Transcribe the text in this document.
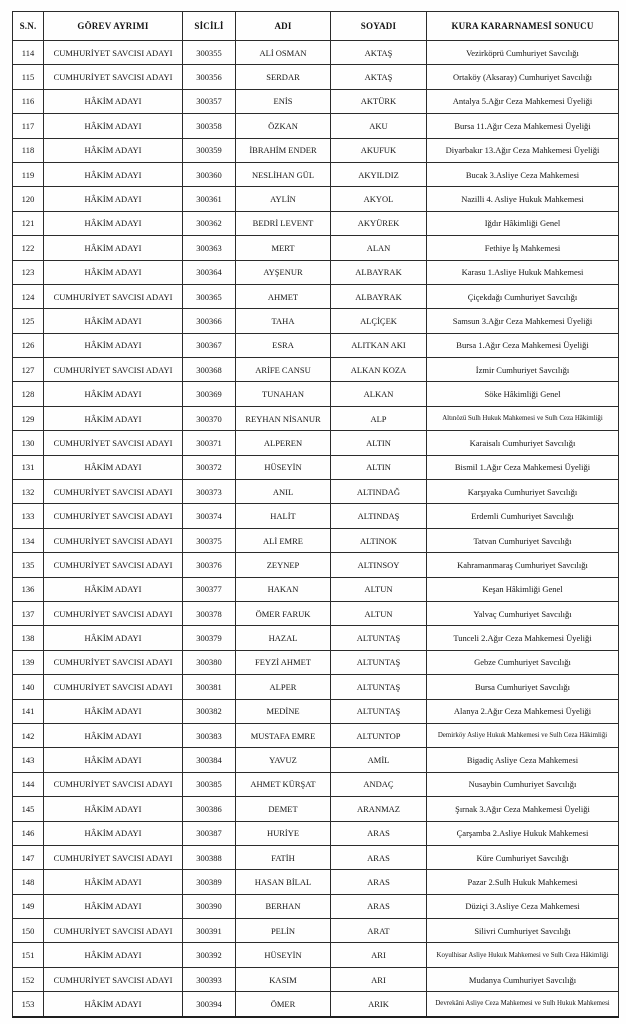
S.N.	GÖREV AYRIMI	SİCİLİ	ADI	SOYADI	KURA KARARNAMESİ SONUCU
114	CUMHURİYET SAVCISI ADAYI	300355	ALİ OSMAN	AKTAŞ	Vezirköprü Cumhuriyet Savcılığı
115	CUMHURİYET SAVCISI ADAYI	300356	SERDAR	AKTAŞ	Ortaköy (Aksaray) Cumhuriyet Savcılığı
116	HÂKİM ADAYI	300357	ENİS	AKTÜRK	Antalya 5.Ağır Ceza Mahkemesi Üyeliği
117	HÂKİM ADAYI	300358	ÖZKAN	AKU	Bursa 11.Ağır Ceza Mahkemesi Üyeliği
118	HÂKİM ADAYI	300359	İBRAHİM ENDER	AKUFUK	Diyarbakır 13.Ağır Ceza Mahkemesi Üyeliği
119	HÂKİM ADAYI	300360	NESLİHAN GÜL	AKYILDIZ	Bucak 3.Asliye Ceza Mahkemesi
120	HÂKİM ADAYI	300361	AYLİN	AKYOL	Nazilli 4. Asliye Hukuk Mahkemesi
121	HÂKİM ADAYI	300362	BEDRİ LEVENT	AKYÜREK	Iğdır Hâkimliği Genel
122	HÂKİM ADAYI	300363	MERT	ALAN	Fethiye İş Mahkemesi
123	HÂKİM ADAYI	300364	AYŞENUR	ALBAYRAK	Karasu 1.Asliye Hukuk Mahkemesi
124	CUMHURİYET SAVCISI ADAYI	300365	AHMET	ALBAYRAK	Çiçekdağı Cumhuriyet Savcılığı
125	HÂKİM ADAYI	300366	TAHA	ALÇİÇEK	Samsun 3.Ağır Ceza Mahkemesi Üyeliği
126	HÂKİM ADAYI	300367	ESRA	ALITKAN AKI	Bursa 1.Ağır Ceza Mahkemesi Üyeliği
127	CUMHURİYET SAVCISI ADAYI	300368	ARİFE CANSU	ALKAN KOZA	İzmir Cumhuriyet Savcılığı
128	HÂKİM ADAYI	300369	TUNAHAN	ALKAN	Söke Hâkimliği Genel
129	HÂKİM ADAYI	300370	REYHAN NİSANUR	ALP	Altınözü Sulh Hukuk Mahkemesi ve Sulh Ceza Hâkimliği
130	CUMHURİYET SAVCISI ADAYI	300371	ALPEREN	ALTIN	Karaisalı Cumhuriyet Savcılığı
131	HÂKİM ADAYI	300372	HÜSEYİN	ALTIN	Bismil 1.Ağır Ceza Mahkemesi Üyeliği
132	CUMHURİYET SAVCISI ADAYI	300373	ANIL	ALTINDAĞ	Karşıyaka Cumhuriyet Savcılığı
133	CUMHURİYET SAVCISI ADAYI	300374	HALİT	ALTINDAŞ	Erdemli Cumhuriyet Savcılığı
134	CUMHURİYET SAVCISI ADAYI	300375	ALİ EMRE	ALTINOK	Tatvan Cumhuriyet Savcılığı
135	CUMHURİYET SAVCISI ADAYI	300376	ZEYNEP	ALTINSOY	Kahramanmaraş Cumhuriyet Savcılığı
136	HÂKİM ADAYI	300377	HAKAN	ALTUN	Keşan Hâkimliği Genel
137	CUMHURİYET SAVCISI ADAYI	300378	ÖMER FARUK	ALTUN	Yalvaç Cumhuriyet Savcılığı
138	HÂKİM ADAYI	300379	HAZAL	ALTUNTAŞ	Tunceli 2.Ağır Ceza Mahkemesi Üyeliği
139	CUMHURİYET SAVCISI ADAYI	300380	FEYZİ AHMET	ALTUNTAŞ	Gebze Cumhuriyet Savcılığı
140	CUMHURİYET SAVCISI ADAYI	300381	ALPER	ALTUNTAŞ	Bursa Cumhuriyet Savcılığı
141	HÂKİM ADAYI	300382	MEDİNE	ALTUNTAŞ	Alanya 2.Ağır Ceza Mahkemesi Üyeliği
142	HÂKİM ADAYI	300383	MUSTAFA EMRE	ALTUNTOP	Demirköy Asliye Hukuk Mahkemesi ve Sulh Ceza Hâkimliği
143	HÂKİM ADAYI	300384	YAVUZ	AMİL	Bigadiç Asliye Ceza Mahkemesi
144	CUMHURİYET SAVCISI ADAYI	300385	AHMET KÜRŞAT	ANDAÇ	Nusaybin Cumhuriyet Savcılığı
145	HÂKİM ADAYI	300386	DEMET	ARANMAZ	Şırnak 3.Ağır Ceza Mahkemesi Üyeliği
146	HÂKİM ADAYI	300387	HURİYE	ARAS	Çarşamba 2.Asliye Hukuk Mahkemesi
147	CUMHURİYET SAVCISI ADAYI	300388	FATİH	ARAS	Küre Cumhuriyet Savcılığı
148	HÂKİM ADAYI	300389	HASAN BİLAL	ARAS	Pazar 2.Sulh Hukuk Mahkemesi
149	HÂKİM ADAYI	300390	BERHAN	ARAS	Düziçi 3.Asliye Ceza Mahkemesi
150	CUMHURİYET SAVCISI ADAYI	300391	PELİN	ARAT	Silivri Cumhuriyet Savcılığı
151	HÂKİM ADAYI	300392	HÜSEYİN	ARI	Koyulhisar Asliye Hukuk Mahkemesi ve Sulh Ceza Hâkimliği
152	CUMHURİYET SAVCISI ADAYI	300393	KASIM	ARI	Mudanya Cumhuriyet Savcılığı
153	HÂKİM ADAYI	300394	ÖMER	ARIK	Devrekâni Asliye Ceza Mahkemesi ve Sulh Hukuk Mahkemesi
